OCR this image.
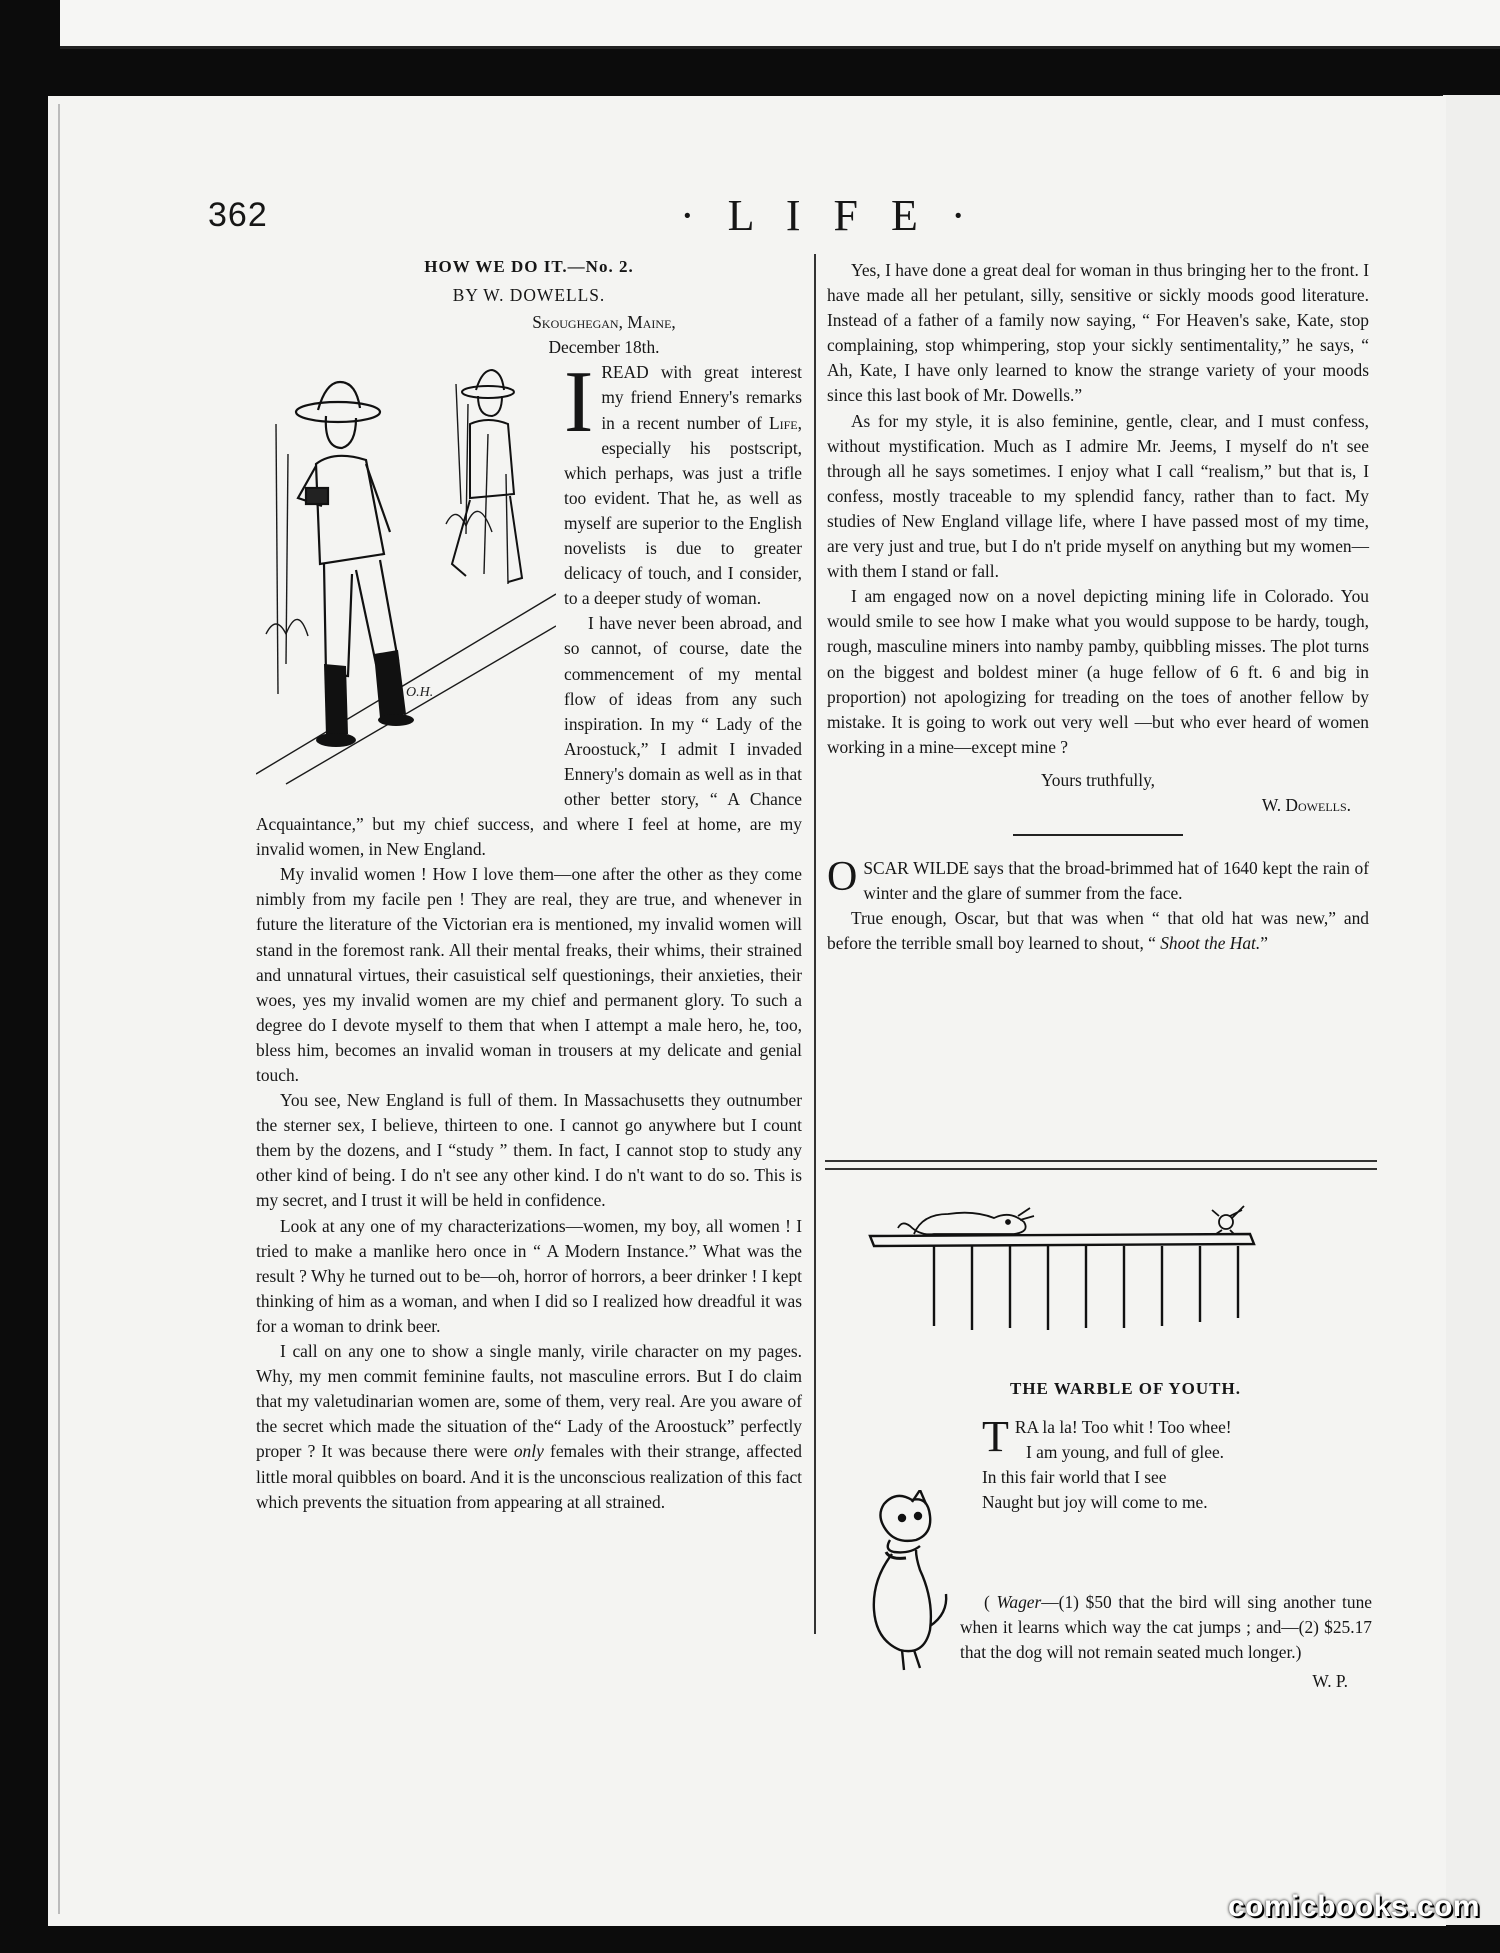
362	· L I F E ·
HOW WE DO IT.—No. 2.
BY W. DOWELLS.
Skoughegan, Maine,
December 18th.
O.H.
I READ with great interest my friend Ennery's remarks in a recent number of Life, especially his postscript, which perhaps, was just a trifle too evident. That he, as well as myself are superior to the English novelists is due to greater delicacy of touch, and I consider, to a deeper study of woman.

I have never been abroad, and so cannot, of course, date the commencement of my mental flow of ideas from any such inspiration. In my “ Lady of the Aroostuck,” I admit I invaded Ennery's domain as well as in that other better story, “ A Chance Acquaintance,” but my chief success, and where I feel at home, are my invalid women, in New England.

My invalid women ! How I love them—one after the other as they come nimbly from my facile pen ! They are real, they are true, and whenever in future the literature of the Victorian era is mentioned, my invalid women will stand in the foremost rank. All their mental freaks, their whims, their strained and unnatural virtues, their casuistical self questionings, their anxieties, their woes, yes my invalid women are my chief and permanent glory. To such a degree do I devote myself to them that when I attempt a male hero, he, too, bless him, becomes an invalid woman in trousers at my delicate and genial touch.

You see, New England is full of them. In Massachusetts they outnumber the sterner sex, I believe, thirteen to one. I cannot go anywhere but I count them by the dozens, and I “study ” them. In fact, I cannot stop to study any other kind of being. I do n't see any other kind. I do n't want to do so. This is my secret, and I trust it will be held in confidence.

Look at any one of my characterizations—women, my boy, all women ! I tried to make a manlike hero once in “ A Modern Instance.” What was the result ? Why he turned out to be—oh, horror of horrors, a beer drinker ! I kept thinking of him as a woman, and when I did so I realized how dreadful it was for a woman to drink beer.

I call on any one to show a single manly, virile character on my pages. Why, my men commit feminine faults, not masculine errors. But I do claim that my valetudinarian women are, some of them, very real. Are you aware of the secret which made the situation of the“ Lady of the Aroostuck” perfectly proper ? It was because there were only females with their strange, affected little moral quibbles on board. And it is the unconscious realization of this fact which prevents the situation from appearing at all strained.

Yes, I have done a great deal for woman in thus bringing her to the front. I have made all her petulant, silly, sensitive or sickly moods good literature. Instead of a father of a family now saying, “ For Heaven's sake, Kate, stop complaining, stop whimpering, stop your sickly sentimentality,” he says, “ Ah, Kate, I have only learned to know the strange variety of your moods since this last book of Mr. Dowells.”

As for my style, it is also feminine, gentle, clear, and I must confess, without mystification. Much as I admire Mr. Jeems, I myself do n't see through all he says sometimes. I enjoy what I call “realism,” but that is, I confess, mostly traceable to my splendid fancy, rather than to fact. My studies of New England village life, where I have passed most of my time, are very just and true, but I do n't pride myself on anything but my women—with them I stand or fall.

I am engaged now on a novel depicting mining life in Colorado. You would smile to see how I make what you would suppose to be hardy, tough, rough, masculine miners into namby pamby, quibbling misses. The plot turns on the biggest and boldest miner (a huge fellow of 6 ft. 6 and big in proportion) not apologizing for treading on the toes of another fellow by mistake. It is going to work out very well —but who ever heard of women working in a mine—except mine ?

Yours truthfully,
W. Dowells.
OSCAR WILDE says that the broad-brimmed hat of 1640 kept the rain of winter and the glare of summer from the face.

True enough, Oscar, but that was when “ that old hat was new,” and before the terrible small boy learned to shout, “ Shoot the Hat.”

THE WARBLE OF YOUTH.
TRA la la! Too whit ! Too whee!
I am young, and full of glee.
In this fair world that I see
Naught but joy will come to me.

( Wager—(1) $50 that the bird will sing another tune when it learns which way the cat jumps ; and—(2) $25.17 that the dog will not remain seated much longer.)

W. P.

comicbooks.com
